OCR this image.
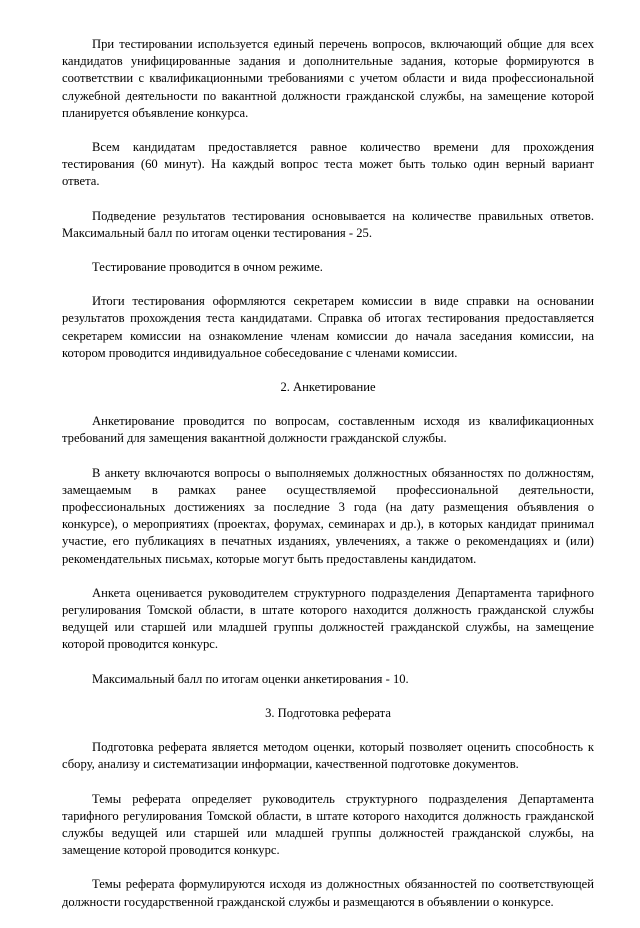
При тестировании используется единый перечень вопросов, включающий общие для всех кандидатов унифицированные задания и дополнительные задания, которые формируются в соответствии с квалификационными требованиями с учетом области и вида профессиональной служебной деятельности по вакантной должности гражданской службы, на замещение которой планируется объявление конкурса.

Всем кандидатам предоставляется равное количество времени для прохождения тестирования (60 минут). На каждый вопрос теста может быть только один верный вариант ответа.

Подведение результатов тестирования основывается на количестве правильных ответов. Максимальный балл по итогам оценки тестирования - 25.

Тестирование проводится в очном режиме.

Итоги тестирования оформляются секретарем комиссии в виде справки на основании результатов прохождения теста кандидатами. Справка об итогах тестирования предоставляется секретарем комиссии на ознакомление членам комиссии до начала заседания комиссии, на котором проводится индивидуальное собеседование с членами комиссии.

2. Анкетирование

Анкетирование проводится по вопросам, составленным исходя из квалификационных требований для замещения вакантной должности гражданской службы.

В анкету включаются вопросы о выполняемых должностных обязанностях по должностям, замещаемым в рамках ранее осуществляемой профессиональной деятельности, профессиональных достижениях за последние 3 года (на дату размещения объявления о конкурсе), о мероприятиях (проектах, форумах, семинарах и др.), в которых кандидат принимал участие, его публикациях в печатных изданиях, увлечениях, а также о рекомендациях и (или) рекомендательных письмах, которые могут быть предоставлены кандидатом.

Анкета оценивается руководителем структурного подразделения Департамента тарифного регулирования Томской области, в штате которого находится должность гражданской службы ведущей или старшей или младшей группы должностей гражданской службы, на замещение которой проводится конкурс.

Максимальный балл по итогам оценки анкетирования - 10.

3. Подготовка реферата

Подготовка реферата является методом оценки, который позволяет оценить способность к сбору, анализу и систематизации информации, качественной подготовке документов.

Темы реферата определяет руководитель структурного подразделения Департамента тарифного регулирования Томской области, в штате которого находится должность гражданской службы ведущей или старшей или младшей группы должностей гражданской службы, на замещение которой проводится конкурс.

Темы реферата формулируются исходя из должностных обязанностей по соответствующей должности государственной гражданской службы и размещаются в объявлении о конкурсе.
